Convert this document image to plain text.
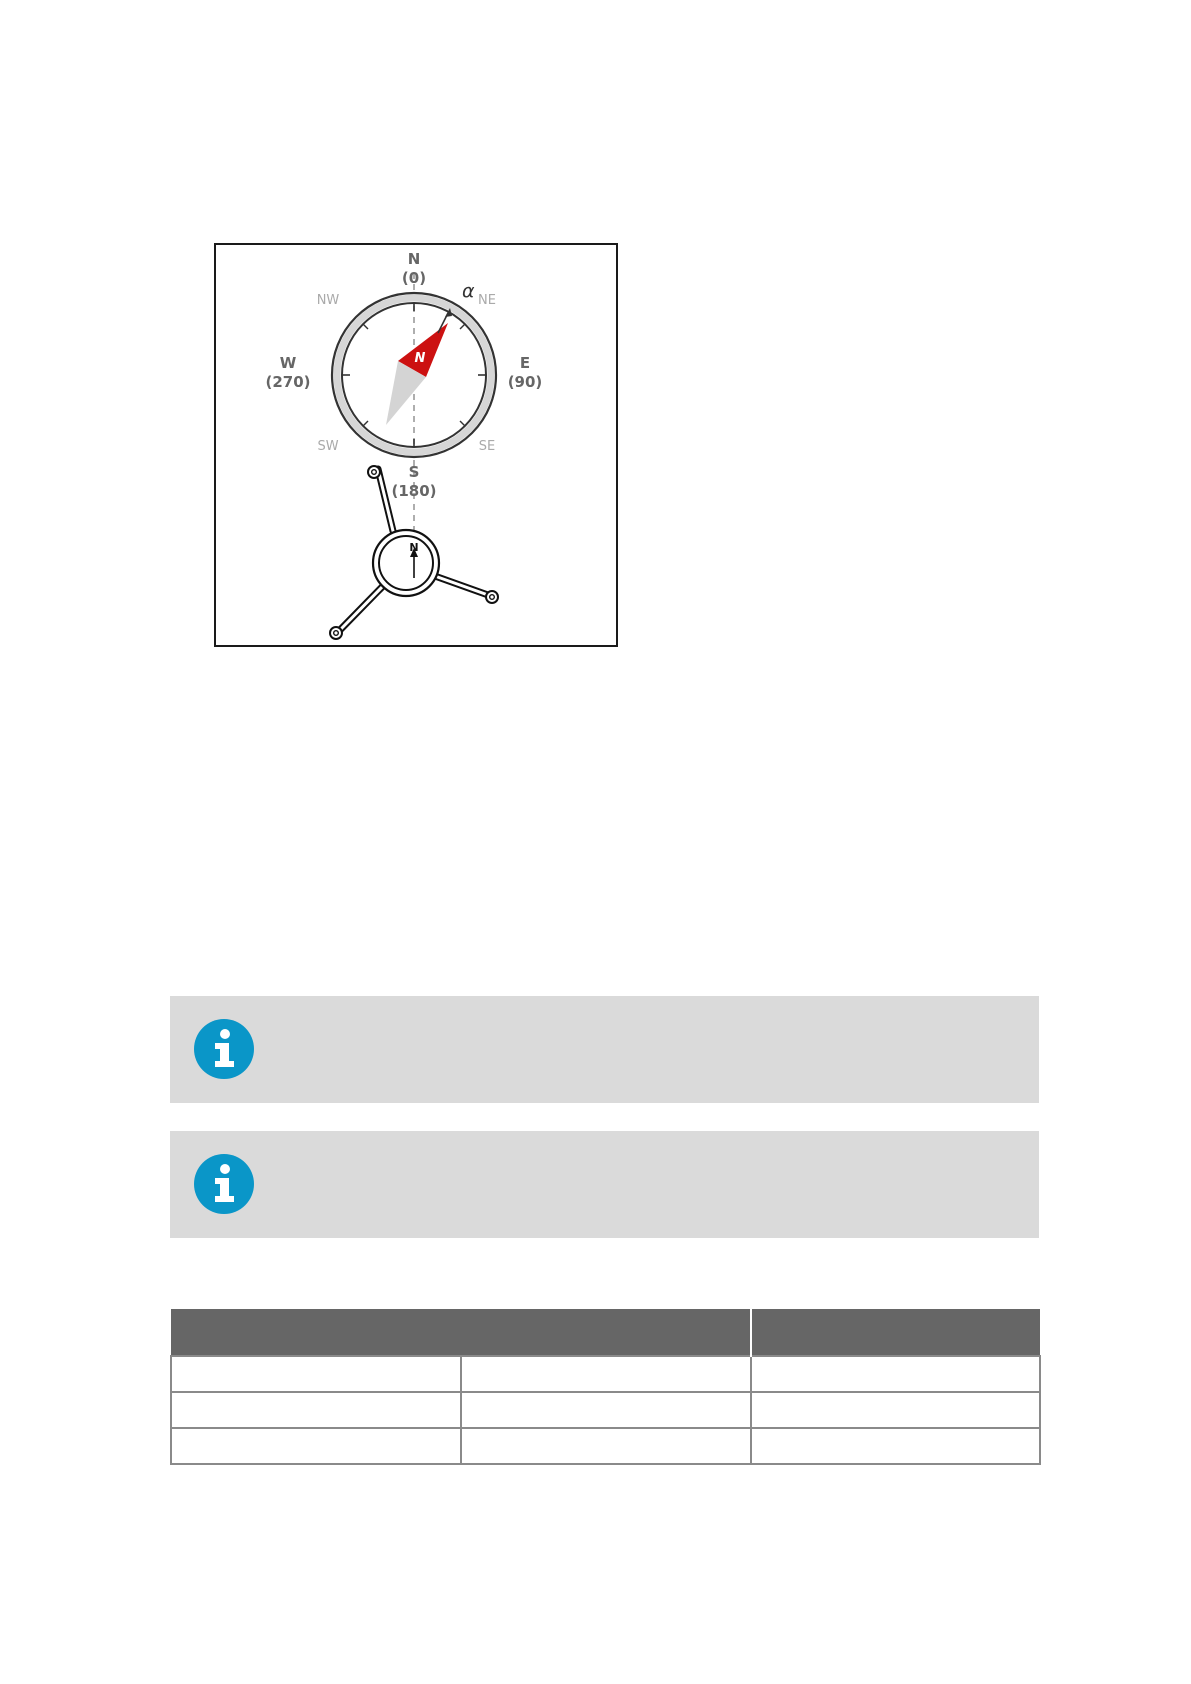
N
α
N
(0)
E
(90)
S
(180)
W
(270)
NW	NE
SW	SE
N
